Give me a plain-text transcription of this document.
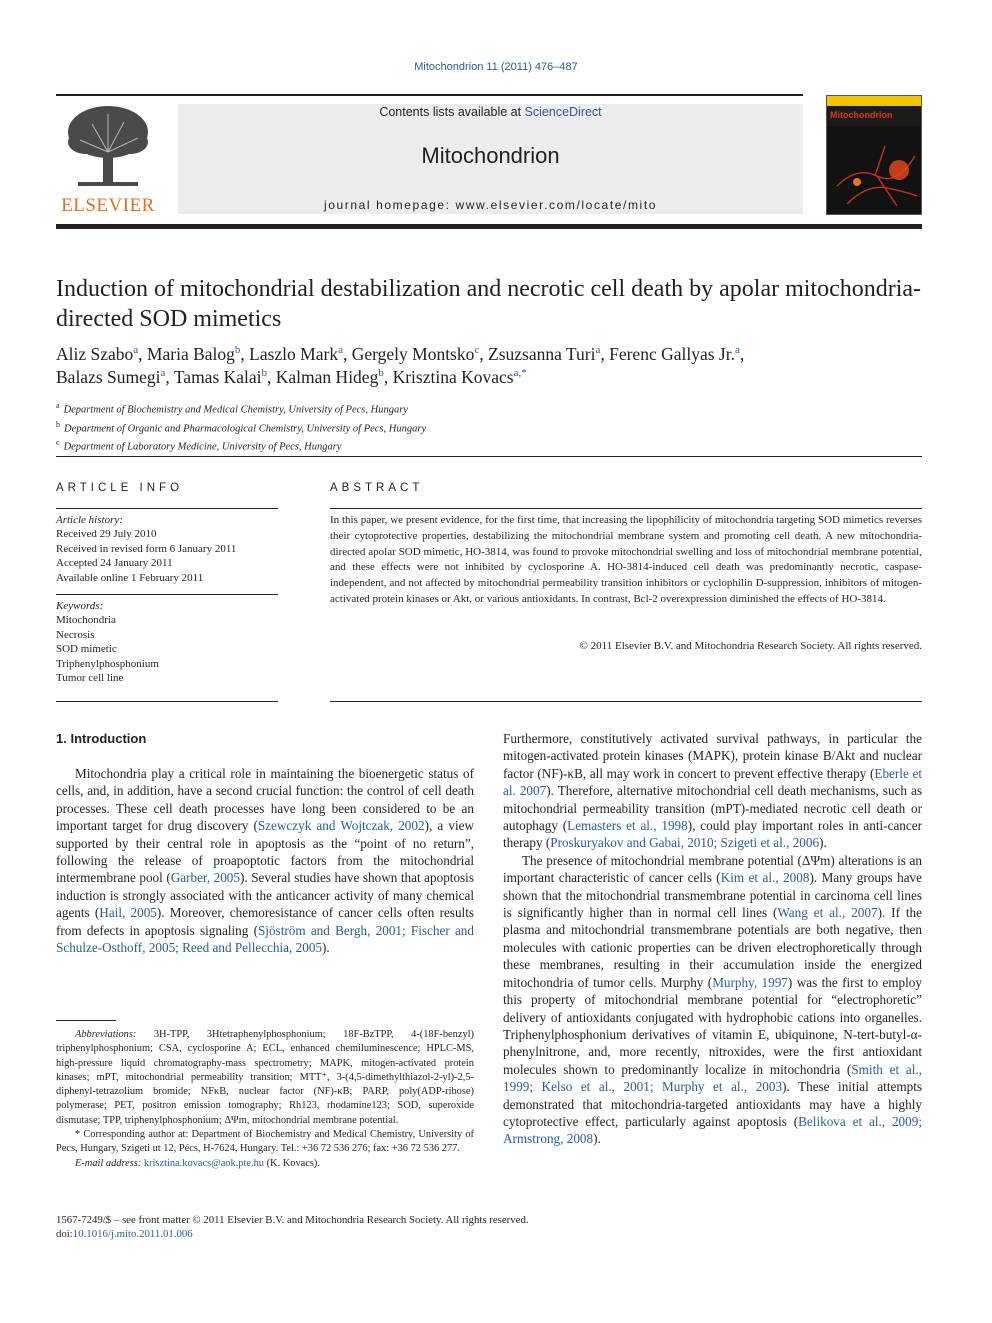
Mitochondrion 11 (2011) 476–487
ELSEVIER
Contents lists available at ScienceDirect
Mitochondrion
journal homepage: www.elsevier.com/locate/mito
Mitochondrion
Induction of mitochondrial destabilization and necrotic cell death by apolar mitochondria-directed SOD mimetics
Aliz Szabo$^a$, Maria Balog$^b$, Laszlo Mark$^a$, Gergely Montsko$^c$, Zsuzsanna Turi$^a$, Ferenc Gallyas Jr.$^a$,
Balazs Sumegi$^a$, Tamas Kalai$^b$, Kalman Hideg$^b$, Krisztina Kovacs$^{a,*}$
$^a$ Department of Biochemistry and Medical Chemistry, University of Pecs, Hungary
$^b$ Department of Organic and Pharmacological Chemistry, University of Pecs, Hungary
$^c$ Department of Laboratory Medicine, University of Pecs, Hungary
ARTICLE INFO
Article history:
Received 29 July 2010
Received in revised form 6 January 2011
Accepted 24 January 2011
Available online 1 February 2011
Keywords:
Mitochondria
Necrosis
SOD mimetic
Triphenylphosphonium
Tumor cell line
ABSTRACT
In this paper, we present evidence, for the first time, that increasing the lipophilicity of mitochondria targeting SOD mimetics reverses their cytoprotective properties, destabilizing the mitochondrial membrane system and promoting cell death. A new mitochondria-directed apolar SOD mimetic, HO-3814, was found to provoke mitochondrial swelling and loss of mitochondrial membrane potential, and these effects were not inhibited by cyclosporine A. HO-3814-induced cell death was predominantly necrotic, caspase-independent, and not affected by mitochondrial permeability transition inhibitors or cyclophilin D-suppression, inhibitors of mitogen-activated protein kinases or Akt, or various antioxidants. In contrast, Bcl-2 overexpression diminished the effects of HO-3814.
© 2011 Elsevier B.V. and Mitochondria Research Society. All rights reserved.
1. Introduction

Mitochondria play a critical role in maintaining the bioenergetic status of cells, and, in addition, have a second crucial function: the control of cell death processes. These cell death processes have long been considered to be an important target for drug discovery (Szewczyk and Wojtczak, 2002), a view supported by their central role in apoptosis as the “point of no return”, following the release of proapoptotic factors from the mitochondrial intermembrane pool (Garber, 2005). Several studies have shown that apoptosis induction is strongly associated with the anticancer activity of many chemical agents (Hail, 2005). Moreover, chemoresistance of cancer cells often results from defects in apoptosis signaling (Sjöström and Bergh, 2001; Fischer and Schulze-Osthoff, 2005; Reed and Pellecchia, 2005).

Furthermore, constitutively activated survival pathways, in particular the mitogen-activated protein kinases (MAPK), protein kinase B/Akt and nuclear factor (NF)-κB, all may work in concert to prevent effective therapy (Eberle et al. 2007). Therefore, alternative mitochondrial cell death mechanisms, such as mitochondrial permeability transition (mPT)-mediated necrotic cell death or autophagy (Lemasters et al., 1998), could play important roles in anti-cancer therapy (Proskuryakov and Gabai, 2010; Szigeti et al., 2006).

The presence of mitochondrial membrane potential (ΔΨm) alterations is an important characteristic of cancer cells (Kim et al., 2008). Many groups have shown that the mitochondrial transmembrane potential in carcinoma cell lines is significantly higher than in normal cell lines (Wang et al., 2007). If the plasma and mitochondrial transmembrane potentials are both negative, then molecules with cationic properties can be driven electrophoretically through these membranes, resulting in their accumulation inside the energized mitochondria of tumor cells. Murphy (Murphy, 1997) was the first to employ this property of mitochondrial membrane potential for “electrophoretic” delivery of antioxidants conjugated with hydrophobic cations into organelles. Triphenylphosphonium derivatives of vitamin E, ubiquinone, N-tert-butyl-α-phenylnitrone, and, more recently, nitroxides, were the first antioxidant molecules shown to predominantly localize in mitochondria (Smith et al., 1999; Kelso et al., 2001; Murphy et al., 2003). These initial attempts demonstrated that mitochondria-targeted antioxidants may have a highly cytoprotective effect, particularly against apoptosis (Belikova et al., 2009; Armstrong, 2008).

Abbreviations: 3H-TPP, 3Htetraphenylphosphonium; 18F-BzTPP, 4-(18F-benzyl) triphenylphosphonium; CSA, cyclosporine A; ECL, enhanced chemiluminescence; HPLC-MS, high-pressure liquid chromatography-mass spectrometry; MAPK, mitogen-activated protein kinases; mPT, mitochondrial permeability transition; MTT⁺, 3-(4,5-dimethylthiazol-2-yl)-2,5-diphenyl-tetrazolium bromide; NFκB, nuclear factor (NF)-κB; PARP, poly(ADP-ribose) polymerase; PET, positron emission tomography; Rh123, rhodamine123; SOD, superoxide dismutase; TPP, triphenylphosphonium; ΔΨm, mitochondrial membrane potential.

* Corresponding author at: Department of Biochemistry and Medical Chemistry, University of Pecs, Hungary, Szigeti ut 12, Pécs, H-7624, Hungary. Tel.: +36 72 536 276; fax: +36 72 536 277.

E-mail address: krisztina.kovacs@aok.pte.hu (K. Kovacs).

1567-7249/$ – see front matter © 2011 Elsevier B.V. and Mitochondria Research Society. All rights reserved.
doi:10.1016/j.mito.2011.01.006
